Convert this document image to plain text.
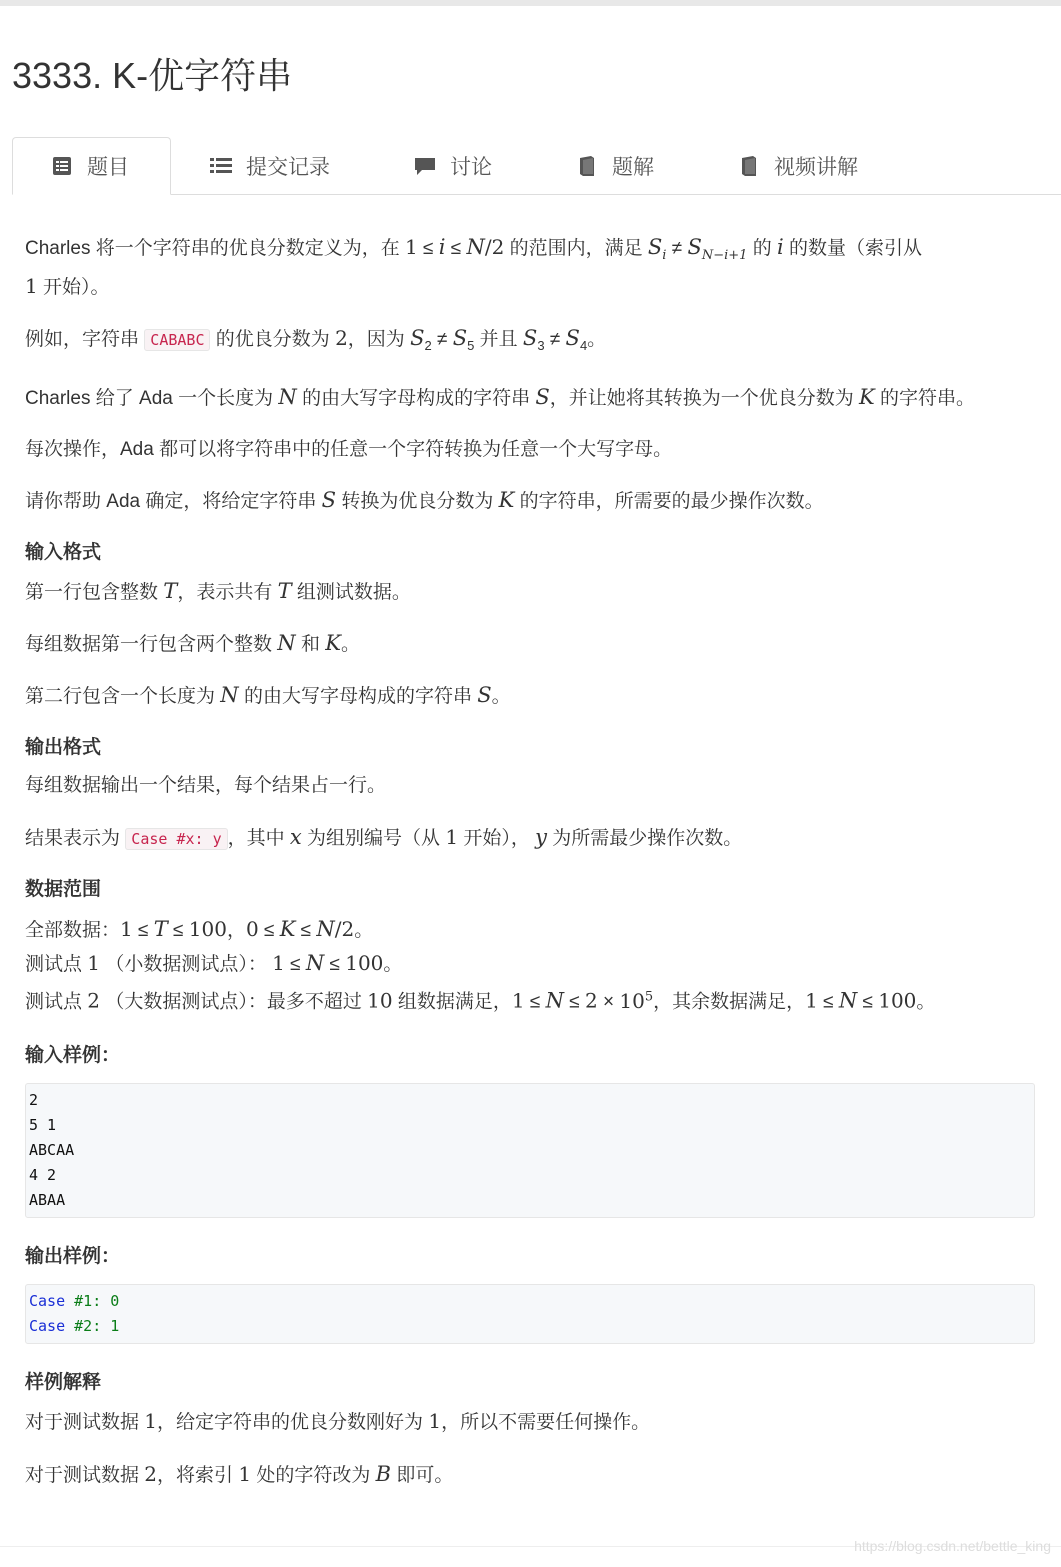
3333. K-优字符串
题目	提交记录	讨论	题解	视频讲解

Charles 将一个字符串的优良分数定义为，在 1 ≤ i ≤ N/2 的范围内，满足 $S_i \ne S_{N-i+1}$ 的 i 的数量（索引从
1 开始）。

例如，字符串 CABABC 的优良分数为 2，因为 $S_2 \ne S_5$ 并且 $S_3 \ne S_4$。

Charles 给了 Ada 一个长度为 N 的由大写字母构成的字符串 S，并让她将其转换为一个优良分数为 K 的字符串。

每次操作，Ada 都可以将字符串中的任意一个字符转换为任意一个大写字母。

请你帮助 Ada 确定，将给定字符串 S 转换为优良分数为 K 的字符串，所需要的最少操作次数。

输入格式

第一行包含整数 T，表示共有 T 组测试数据。

每组数据第一行包含两个整数 N 和 K。

第二行包含一个长度为 N 的由大写字母构成的字符串 S。

输出格式

每组数据输出一个结果，每个结果占一行。

结果表示为 Case #x: y ，其中 x 为组别编号（从 1 开始）， y 为所需最少操作次数。

数据范围

全部数据：1 ≤ T ≤ 100，0 ≤ K ≤ N/2。

测试点 1 （小数据测试点）： 1 ≤ N ≤ 100。

测试点 2 （大数据测试点）：最多不超过 10 组数据满足，$1 \le N \le 2 \times 10^5$，其余数据满足，1 ≤ N ≤ 100。

输入样例：
2
5 1
ABCAA
4 2
ABAA
输出样例：
Case #1: 0
Case #2: 1
样例解释

对于测试数据 1，给定字符串的优良分数刚好为 1，所以不需要任何操作。

对于测试数据 2，将索引 1 处的字符改为 B 即可。

https://blog.csdn.net/bettle_king
